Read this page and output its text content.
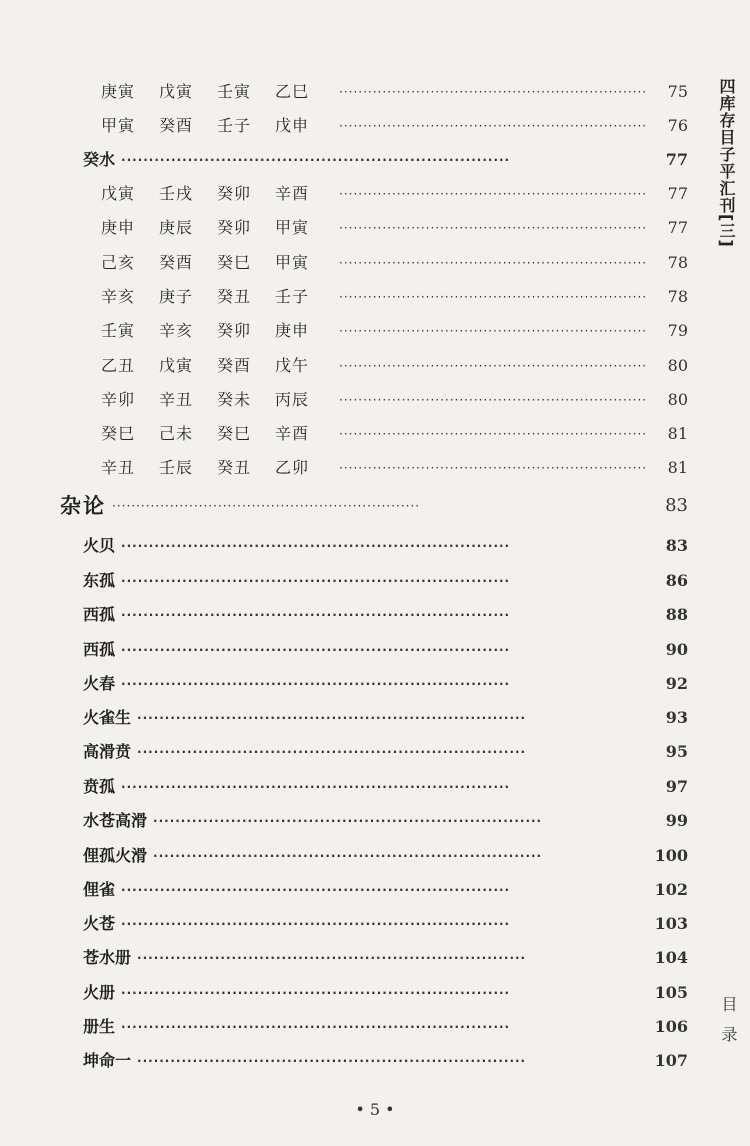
庚寅	戊寅	壬寅	乙巳	································································	75
甲寅	癸酉	壬子	戊申	································································	76
癸水 ······································································	77
戊寅	壬戌	癸卯	辛酉	································································	77
庚申	庚辰	癸卯	甲寅	································································	77
己亥	癸酉	癸巳	甲寅	································································	78
辛亥	庚子	癸丑	壬子	································································	78
壬寅	辛亥	癸卯	庚申	································································	79
乙丑	戊寅	癸酉	戊午	································································	80
辛卯	辛丑	癸未	丙辰	································································	80
癸巳	己未	癸巳	辛酉	································································	81
辛丑	壬辰	癸丑	乙卯	································································	81
杂论 ································································	83
火贝 ······································································	83
东孤 ······································································	86
西孤 ······································································	88
西孤 ······································································	90
火春 ······································································	92
火雀生 ······································································	93
高滑贲 ······································································	95
贲孤 ······································································	97
水苍高滑 ······································································	99
俚孤火滑 ······································································	100
俚雀 ······································································	102
火苍 ······································································	103
苍水册 ······································································	104
火册 ······································································	105
册生 ······································································	106
坤命一 ······································································	107
四库存目子平汇刊[三]
目录
• 5 •
